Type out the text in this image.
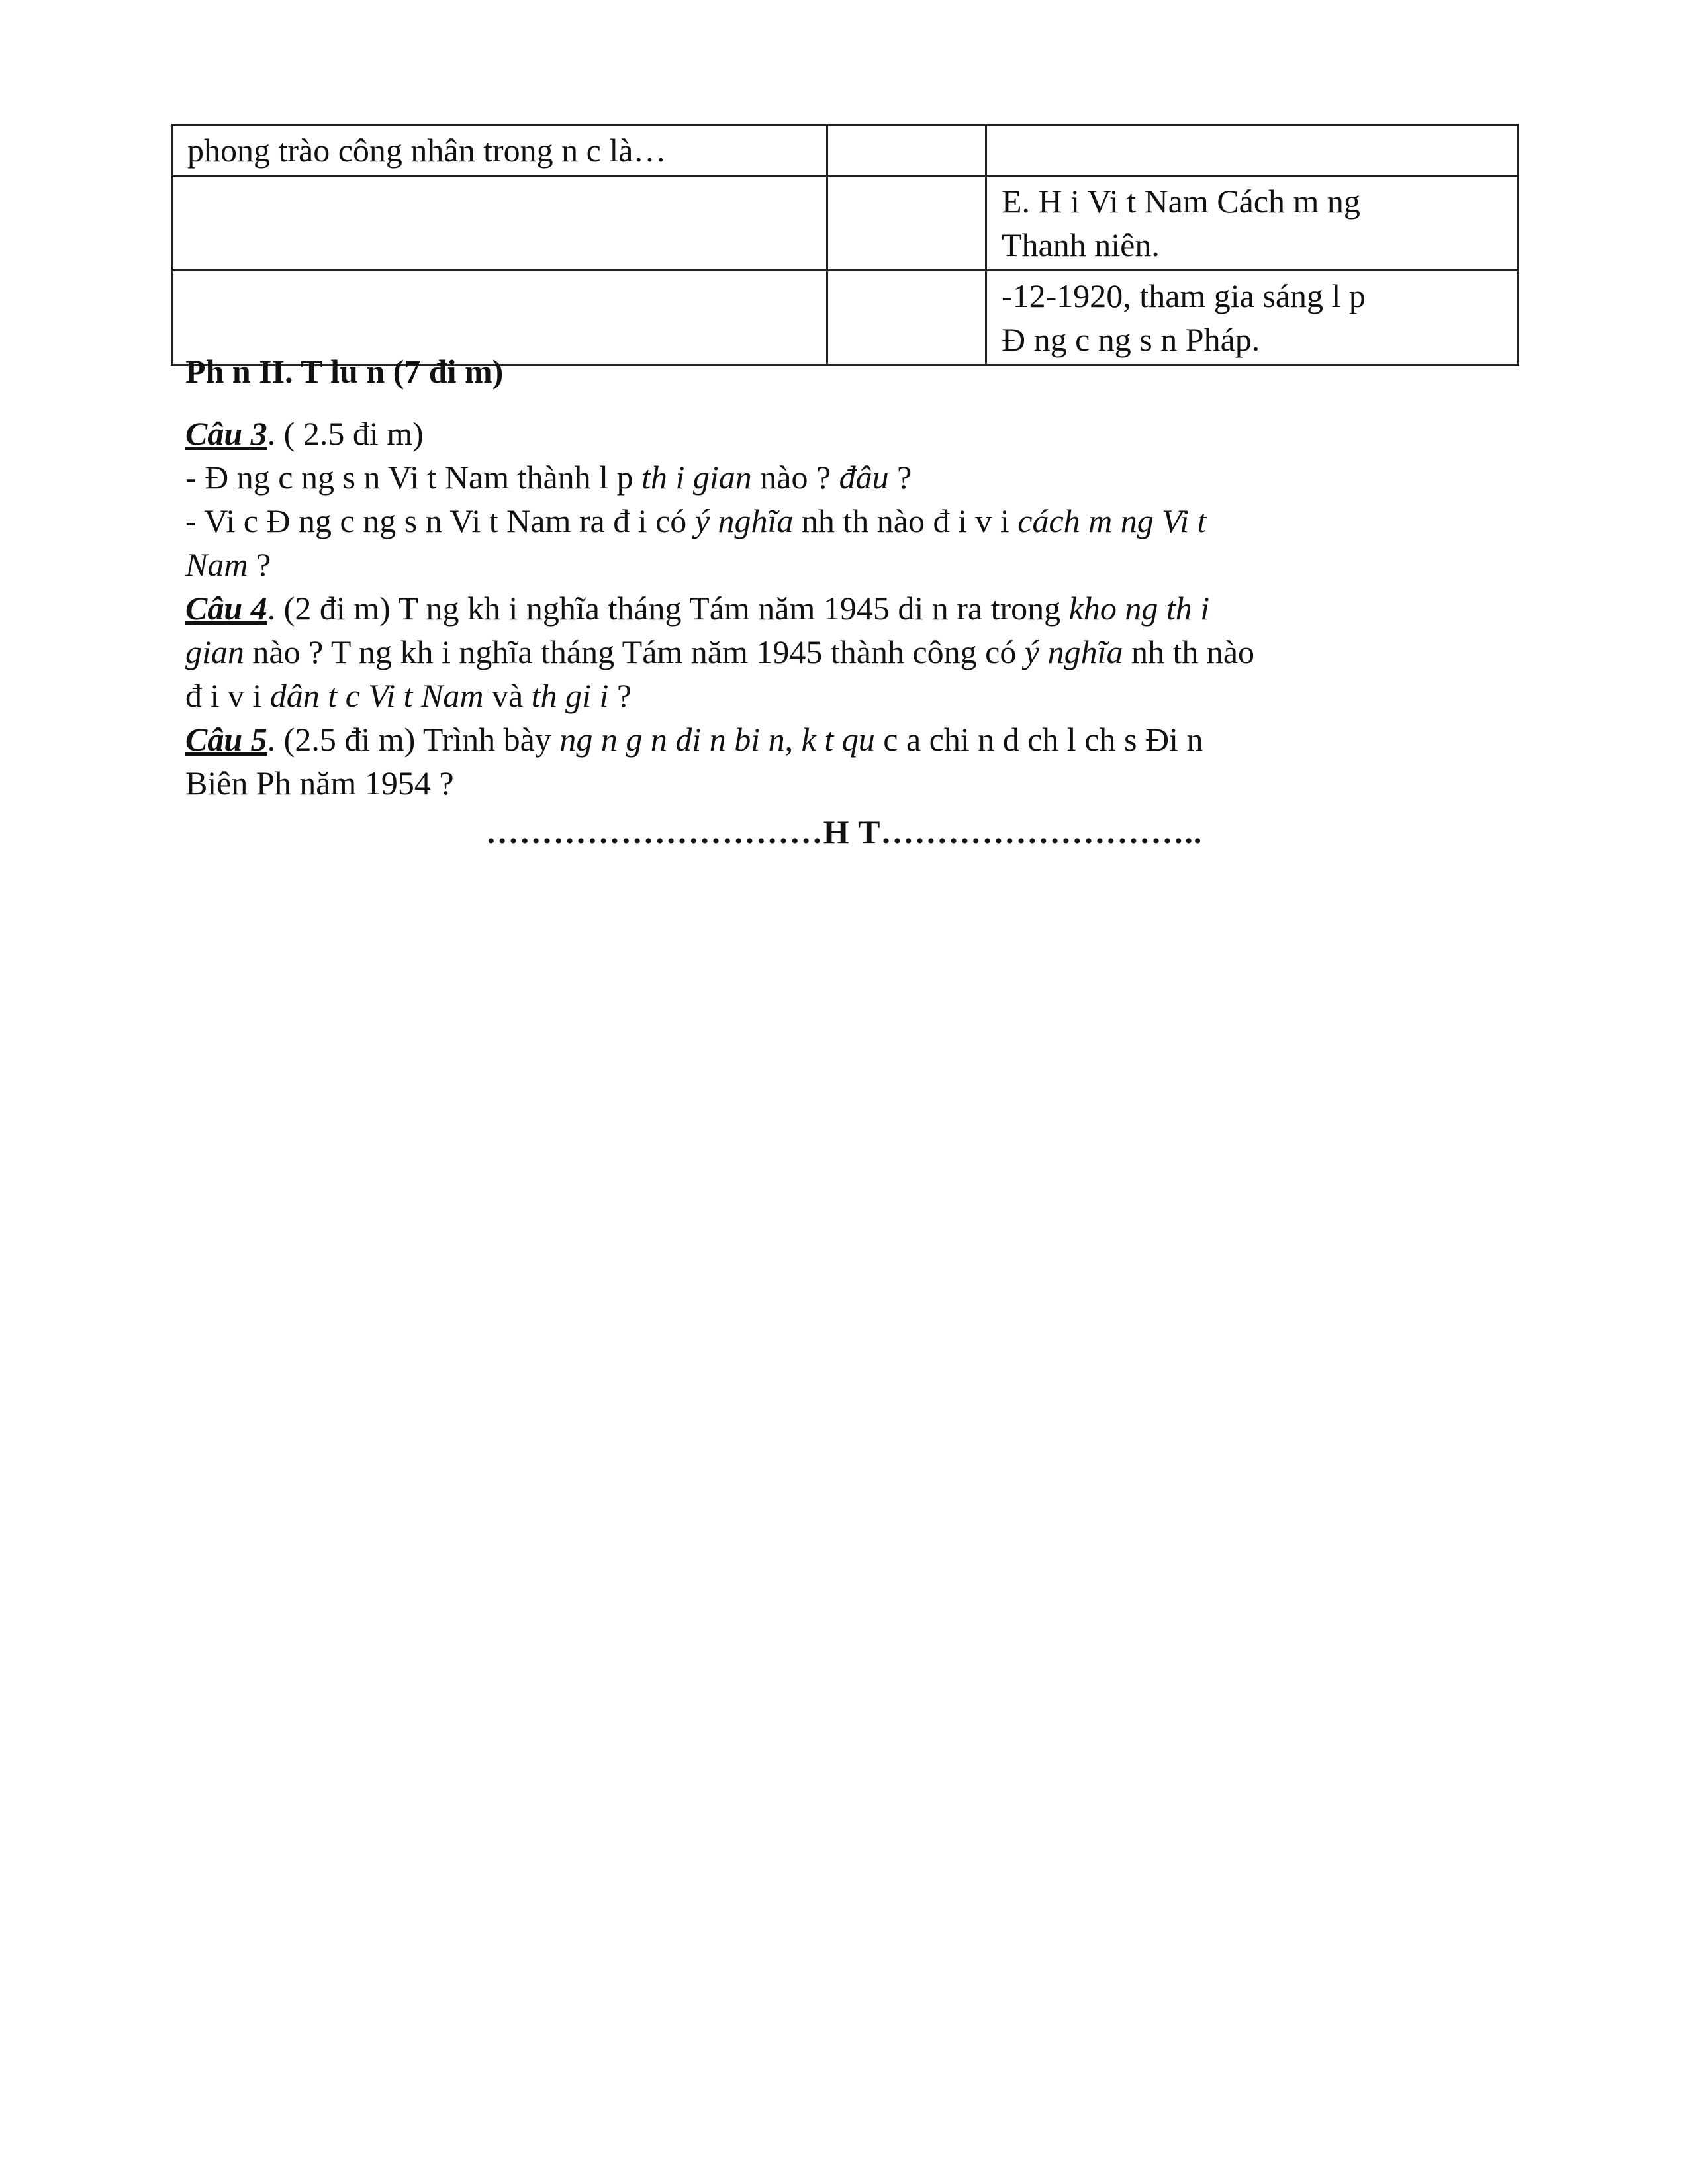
phong trào công nhân trong n c là…		

		E. H i Vi t Nam Cách m ng
Thanh niên.

		-12-1920, tham gia sáng l p
Đ ng c ng s n Pháp.

Ph n II. T lu n (7 đi m)

Câu 3. ( 2.5 đi m)

- Đ ng c ng s n Vi t Nam thành l p th i gian nào ? đâu ?

- Vi c Đ ng c ng s n Vi t Nam ra đ i có ý nghĩa nh th nào đ i v i cách m ng Vi t

Nam ?

Câu 4. (2 đi m) T ng kh i nghĩa tháng Tám năm 1945 di n ra trong kho ng th i

gian nào ? T ng kh i nghĩa tháng Tám năm 1945 thành công có ý nghĩa nh th nào

đ i v i dân t c Vi t Nam và th gi i ?

Câu 5. (2.5 đi m) Trình bày ng n g n di n bi n, k t qu c a chi n d ch l ch s Đi n

Biên Ph năm 1954 ?

…………………………H T………………………..
